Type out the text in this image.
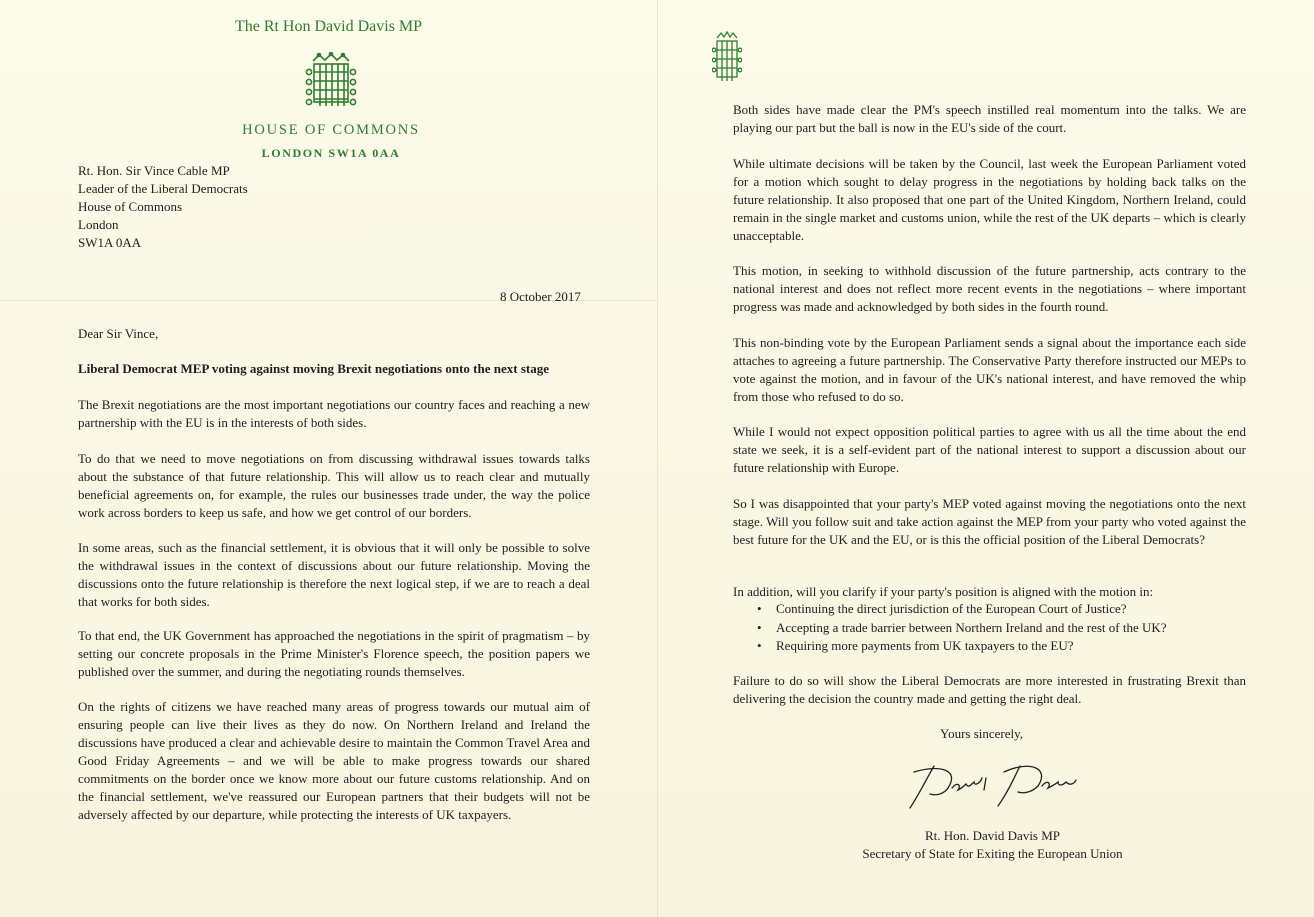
The Rt Hon David Davis MP
HOUSE OF COMMONS
LONDON SW1A 0AA
Rt. Hon. Sir Vince Cable MP
Leader of the Liberal Democrats
House of Commons
London
SW1A 0AA
8 October 2017
Dear Sir Vince,
Liberal Democrat MEP voting against moving Brexit negotiations onto the next stage

The Brexit negotiations are the most important negotiations our country faces and reaching a new partnership with the EU is in the interests of both sides.

To do that we need to move negotiations on from discussing withdrawal issues towards talks about the substance of that future relationship. This will allow us to reach clear and mutually beneficial agreements on, for example, the rules our businesses trade under, the way the police work across borders to keep us safe, and how we get control of our borders.

In some areas, such as the financial settlement, it is obvious that it will only be possible to solve the withdrawal issues in the context of discussions about our future relationship. Moving the discussions onto the future relationship is therefore the next logical step, if we are to reach a deal that works for both sides.

To that end, the UK Government has approached the negotiations in the spirit of pragmatism – by setting our concrete proposals in the Prime Minister's Florence speech, the position papers we published over the summer, and during the negotiating rounds themselves.

On the rights of citizens we have reached many areas of progress towards our mutual aim of ensuring people can live their lives as they do now. On Northern Ireland and Ireland the discussions have produced a clear and achievable desire to maintain the Common Travel Area and Good Friday Agreements – and we will be able to make progress towards our shared commitments on the border once we know more about our future customs relationship. And on the financial settlement, we've reassured our European partners that their budgets will not be adversely affected by our departure, while protecting the interests of UK taxpayers.

Both sides have made clear the PM's speech instilled real momentum into the talks. We are playing our part but the ball is now in the EU's side of the court.

While ultimate decisions will be taken by the Council, last week the European Parliament voted for a motion which sought to delay progress in the negotiations by holding back talks on the future relationship. It also proposed that one part of the United Kingdom, Northern Ireland, could remain in the single market and customs union, while the rest of the UK departs – which is clearly unacceptable.

This motion, in seeking to withhold discussion of the future partnership, acts contrary to the national interest and does not reflect more recent events in the negotiations – where important progress was made and acknowledged by both sides in the fourth round.

This non-binding vote by the European Parliament sends a signal about the importance each side attaches to agreeing a future partnership. The Conservative Party therefore instructed our MEPs to vote against the motion, and in favour of the UK's national interest, and have removed the whip from those who refused to do so.

While I would not expect opposition political parties to agree with us all the time about the end state we seek, it is a self-evident part of the national interest to support a discussion about our future relationship with Europe.

So I was disappointed that your party's MEP voted against moving the negotiations onto the next stage. Will you follow suit and take action against the MEP from your party who voted against the best future for the UK and the EU, or is this the official position of the Liberal Democrats?

In addition, will you clarify if your party's position is aligned with the motion in:

• Continuing the direct jurisdiction of the European Court of Justice?
• Accepting a trade barrier between Northern Ireland and the rest of the UK?
• Requiring more payments from UK taxpayers to the EU?

Failure to do so will show the Liberal Democrats are more interested in frustrating Brexit than delivering the decision the country made and getting the right deal.

Yours sincerely,
Rt. Hon. David Davis MP
Secretary of State for Exiting the European Union
